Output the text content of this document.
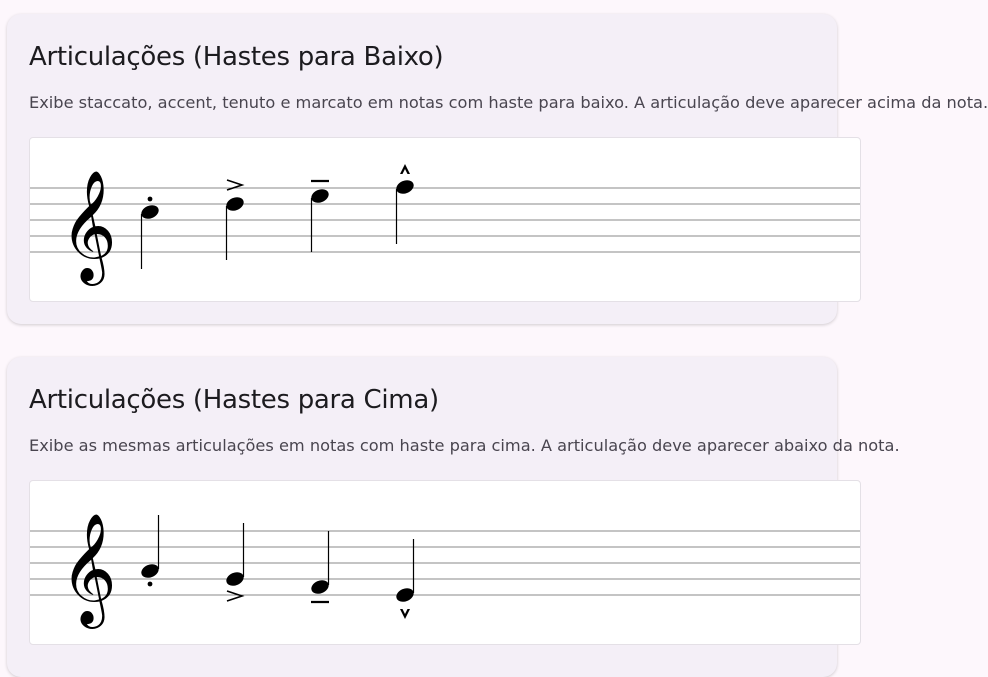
Articulações (Hastes para Baixo)

Exibe staccato, accent, tenuto e marcato em notas com haste para baixo. A articulação deve aparecer acima da nota.

𝄞
Articulações (Hastes para Cima)

Exibe as mesmas articulações em notas com haste para cima. A articulação deve aparecer abaixo da nota.

𝄞
